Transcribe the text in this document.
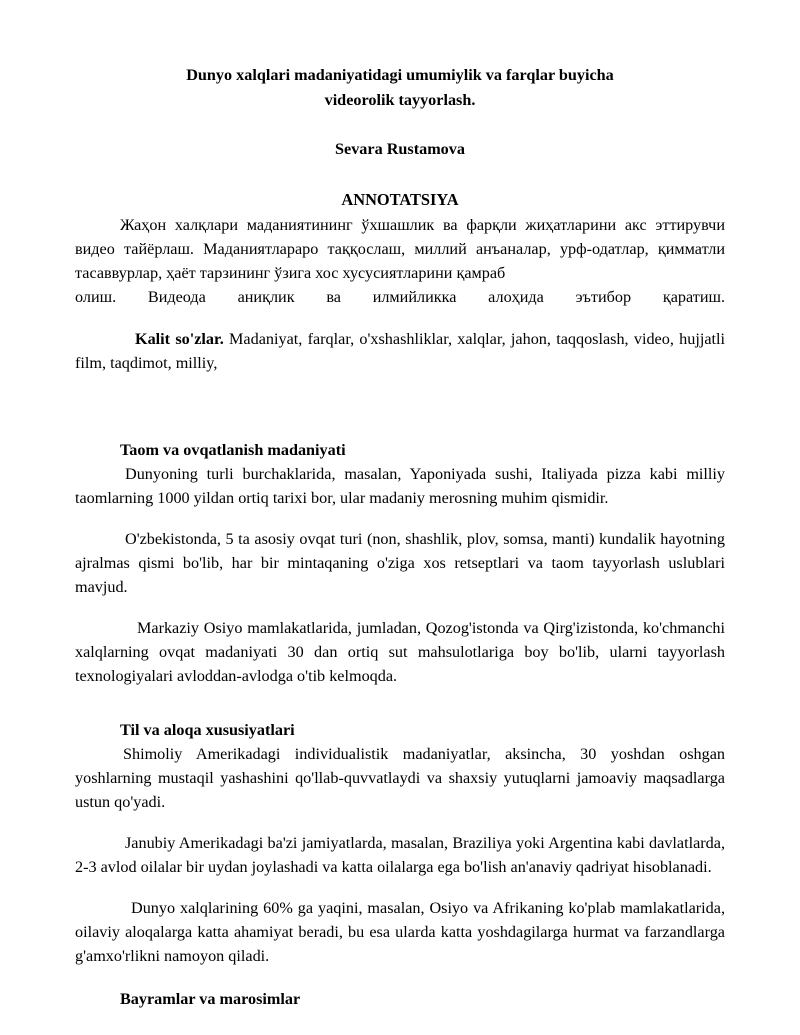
Dunyo xalqlari madaniyatidagi umumiylik va farqlar buyicha

videorolik tayyorlash.

Sevara Rustamova

ANNOTATSIYA

Жаҳон халқлари маданиятининг ўхшашлик ва фарқли жиҳатларини акс эттирувчи видео тайёрлаш. Маданиятлараро таққослаш, миллий анъаналар, урф-одатлар, қимматли тасаввурлар, ҳаёт тарзининг ўзига хос хусусиятларини қамраб

олиш. Видеода аниқлик ва илмийликка алоҳида эътибор қаратиш.

Kalit so'zlar. Madaniyat, farqlar, o'xshashliklar, xalqlar, jahon, taqqoslash, video, hujjatli film, taqdimot, milliy,

Taom va ovqatlanish madaniyati

Dunyoning turli burchaklarida, masalan, Yaponiyada sushi, Italiyada pizza kabi milliy taomlarning 1000 yildan ortiq tarixi bor, ular madaniy merosning muhim qismidir.

O'zbekistonda, 5 ta asosiy ovqat turi (non, shashlik, plov, somsa, manti) kundalik hayotning ajralmas qismi bo'lib, har bir mintaqaning o'ziga xos retseptlari va taom tayyorlash uslublari mavjud.

Markaziy Osiyo mamlakatlarida, jumladan, Qozog'istonda va Qirg'izistonda, ko'chmanchi xalqlarning ovqat madaniyati 30 dan ortiq sut mahsulotlariga boy bo'lib, ularni tayyorlash texnologiyalari avloddan-avlodga o'tib kelmoqda.

Til va aloqa xususiyatlari

Shimoliy Amerikadagi individualistik madaniyatlar, aksincha, 30 yoshdan oshgan yoshlarning mustaqil yashashini qo'llab-quvvatlaydi va shaxsiy yutuqlarni jamoaviy maqsadlarga ustun qo'yadi.

Janubiy Amerikadagi ba'zi jamiyatlarda, masalan, Braziliya yoki Argentina kabi davlatlarda, 2-3 avlod oilalar bir uydan joylashadi va katta oilalarga ega bo'lish an'anaviy qadriyat hisoblanadi.

Dunyo xalqlarining 60% ga yaqini, masalan, Osiyo va Afrikaning ko'plab mamlakatlarida, oilaviy aloqalarga katta ahamiyat beradi, bu esa ularda katta yoshdagilarga hurmat va farzandlarga g'amxo'rlikni namoyon qiladi.

Bayramlar va marosimlar
